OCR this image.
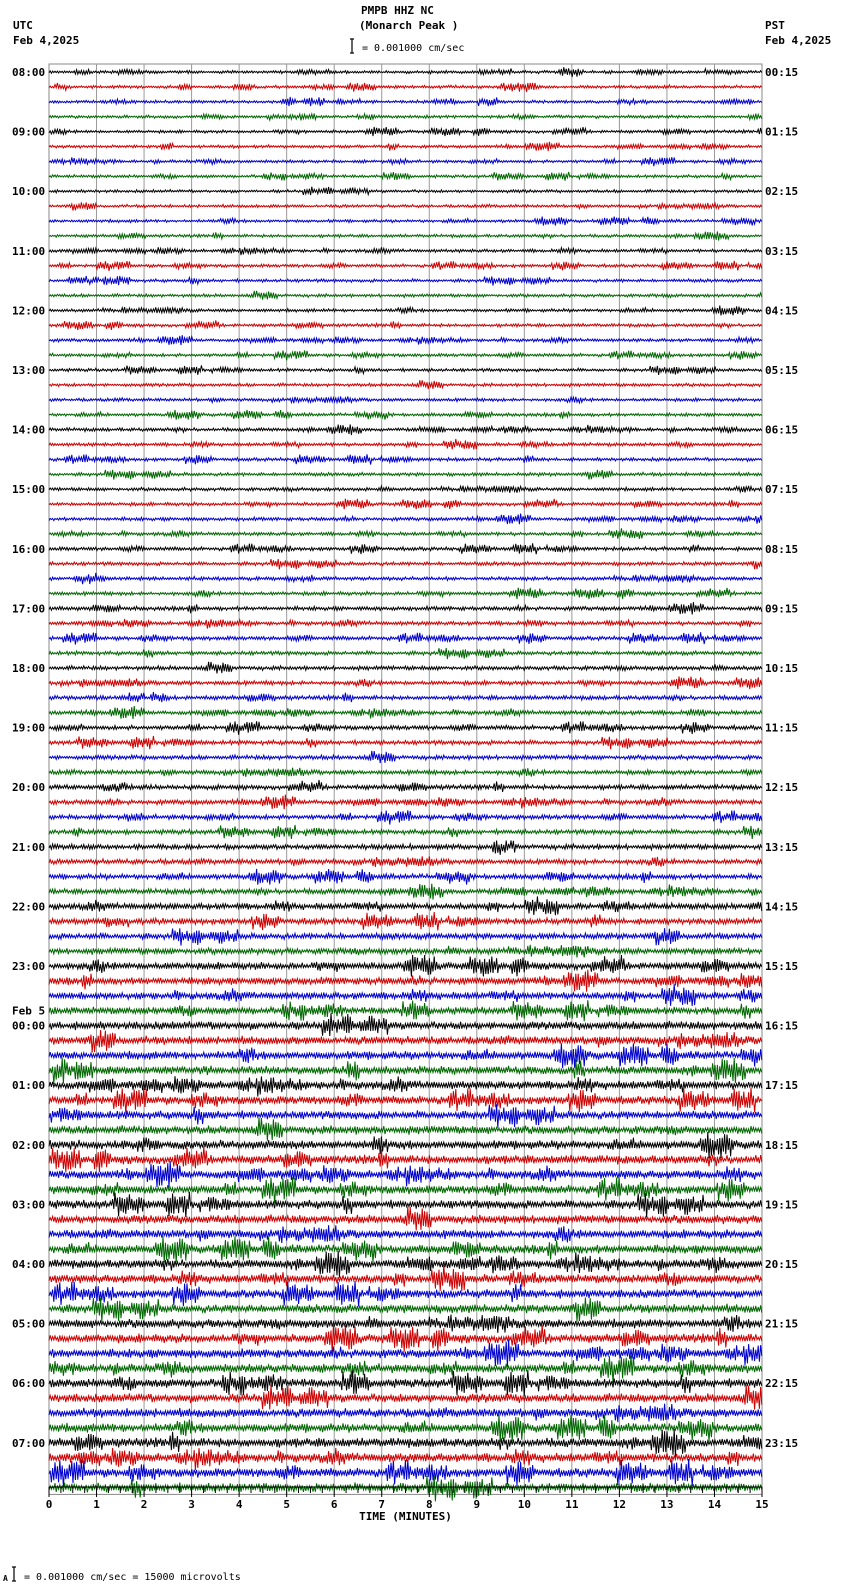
PMPB HHZ NC
(Monarch Peak )
UTC
Feb 4,2025
PST
Feb 4,2025
= 0.001000 cm/sec
08:00
09:00
10:00
11:00
12:00
13:00
14:00
15:00
16:00
17:00
18:00
19:00
20:00
21:00
22:00
23:00
00:00
01:00
02:00
03:00
04:00
05:00
06:00
07:00
00:15
01:15
02:15
03:15
04:15
05:15
06:15
07:15
08:15
09:15
10:15
11:15
12:15
13:15
14:15
15:15
16:15
17:15
18:15
19:15
20:15
21:15
22:15
23:15
Feb 5
0	1	2	3	4	5	6	7	8	9	10	11	12	13	14	15
TIME (MINUTES)
A = 0.001000 cm/sec = 15000 microvolts
